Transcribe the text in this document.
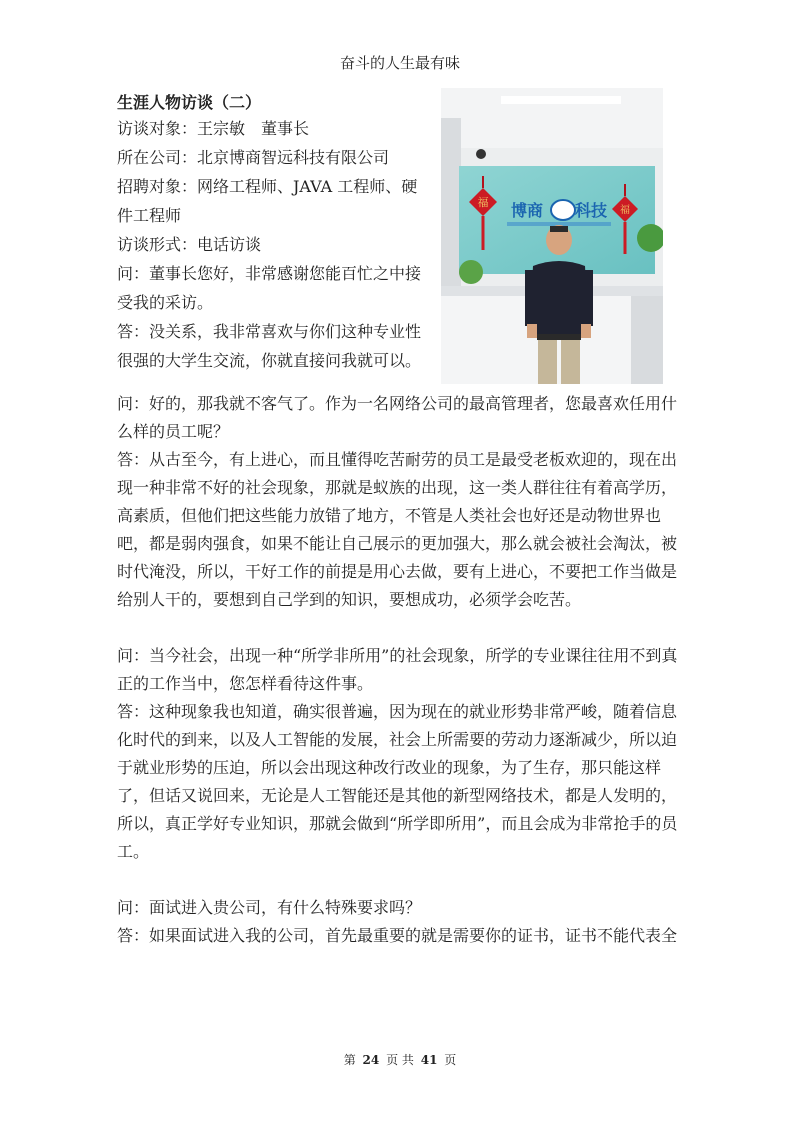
奋斗的人生最有味

生涯人物访谈（二）

访谈对象：王宗敏　董事长

所在公司：北京博商智远科技有限公司

招聘对象：网络工程师、JAVA 工程师、硬件工程师

访谈形式：电话访谈

问：董事长您好，非常感谢您能百忙之中接受我的采访。

答：没关系，我非常喜欢与你们这种专业性很强的大学生交流，你就直接问我就可以。

福
福
博商 科技

问：好的，那我就不客气了。作为一名网络公司的最高管理者，您最喜欢任用什么样的员工呢？

答：从古至今，有上进心，而且懂得吃苦耐劳的员工是最受老板欢迎的，现在出现一种非常不好的社会现象，那就是蚁族的出现，这一类人群往往有着高学历，高素质，但他们把这些能力放错了地方，不管是人类社会也好还是动物世界也吧，都是弱肉强食，如果不能让自己展示的更加强大，那么就会被社会淘汰，被时代淹没，所以，干好工作的前提是用心去做，要有上进心，不要把工作当做是给别人干的，要想到自己学到的知识，要想成功，必须学会吃苦。

问：当今社会，出现一种“所学非所用”的社会现象，所学的专业课往往用不到真正的工作当中，您怎样看待这件事。

答：这种现象我也知道，确实很普遍，因为现在的就业形势非常严峻，随着信息化时代的到来，以及人工智能的发展，社会上所需要的劳动力逐渐减少，所以迫于就业形势的压迫，所以会出现这种改行改业的现象，为了生存，那只能这样了，但话又说回来，无论是人工智能还是其他的新型网络技术，都是人发明的，所以，真正学好专业知识，那就会做到“所学即所用”，而且会成为非常抢手的员工。

问：面试进入贵公司，有什么特殊要求吗？

答：如果面试进入我的公司，首先最重要的就是需要你的证书，证书不能代表全

第 24 页 共 41 页
